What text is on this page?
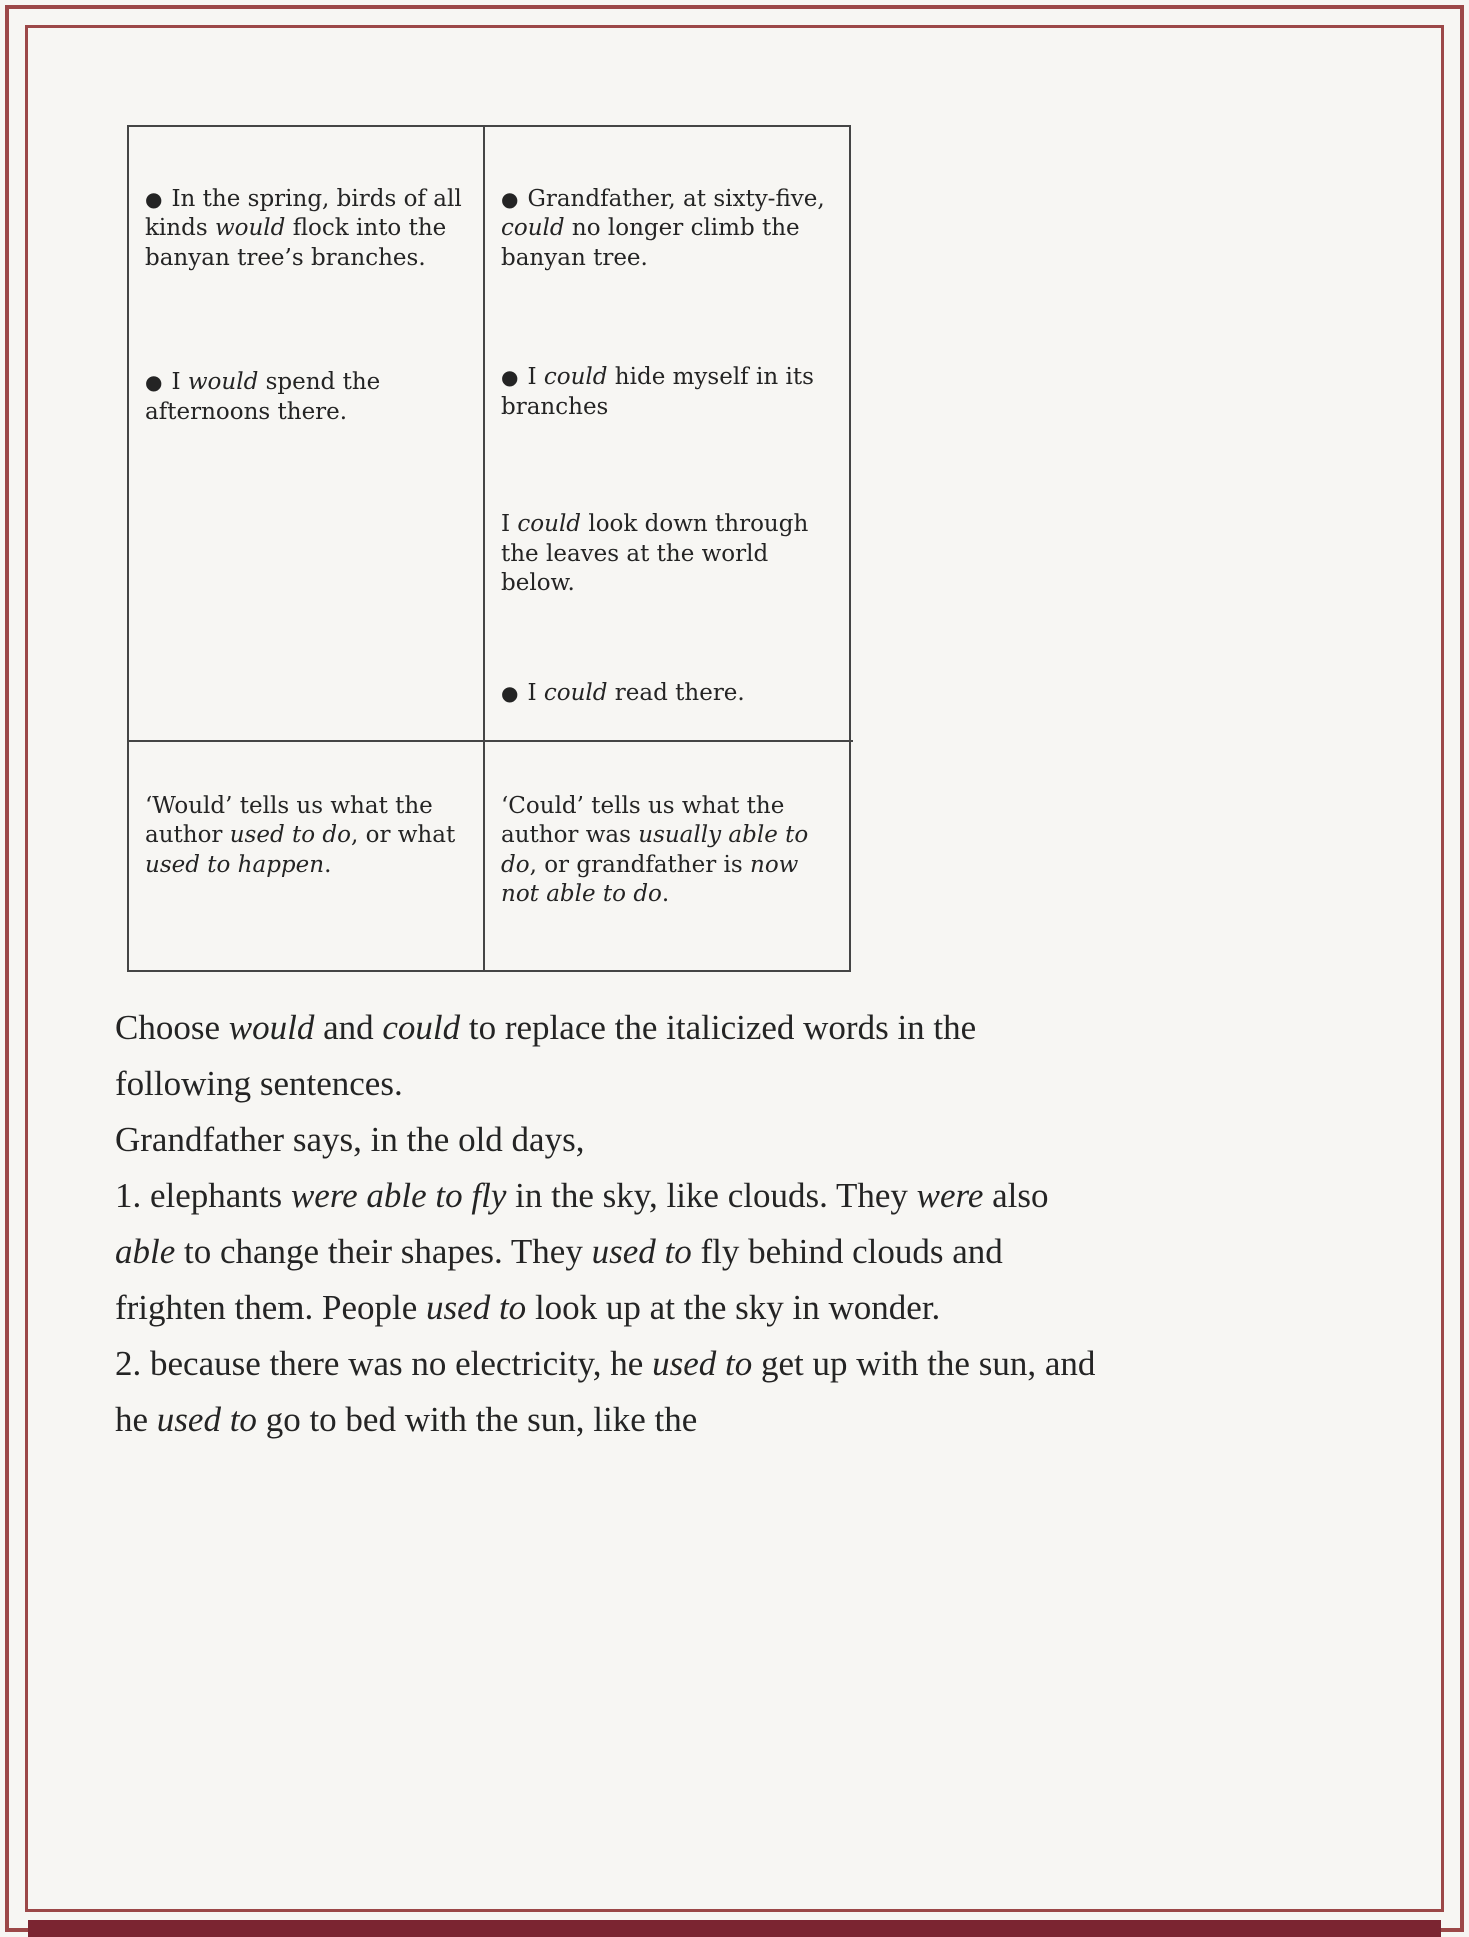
● In the spring, birds of all kinds would flock into the banyan tree’s branches.
● I would spend the afternoons there.
● Grandfather, at sixty-five, could no longer climb the banyan tree.
● I could hide myself in its branches
I could look down through the leaves at the world below.
● I could read there.
‘Would’ tells us what the author used to do, or what used to happen.
‘Could’ tells us what the author was usually able to do, or grandfather is now not able to do.

Choose would and could to replace the italicized words in the following sentences.

Grandfather says, in the old days,

1. elephants were able to fly in the sky, like clouds. They were also able to change their shapes. They used to fly behind clouds and frighten them. People used to look up at the sky in wonder.

2. because there was no electricity, he used to get up with the sun, and he used to go to bed with the sun, like the
